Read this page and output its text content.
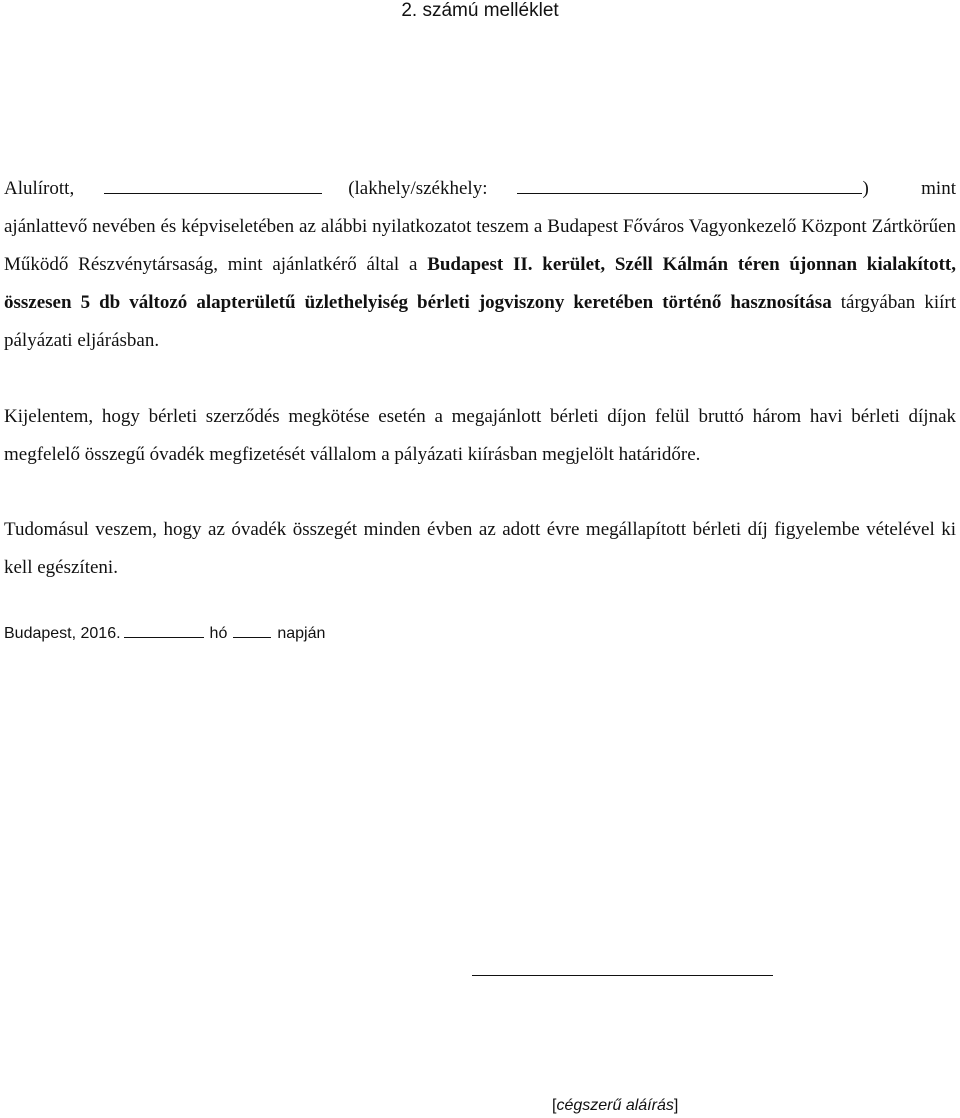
2. számú melléklet
Alulírott,	(lakhely/székhely:	) mint ajánlattevő nevében és képviseletében az alábbi nyilatkozatot teszem a Budapest Főváros Vagyonkezelő Központ Zártkörűen Működő Részvénytársaság, mint ajánlatkérő által a Budapest II. kerület, Széll Kálmán téren újonnan kialakított, összesen 5 db változó alapterületű üzlethelyiség bérleti jogviszony keretében történő hasznosítása tárgyában kiírt pályázati eljárásban.
Kijelentem, hogy bérleti szerződés megkötése esetén a megajánlott bérleti díjon felül bruttó három havi bérleti díjnak megfelelő összegű óvadék megfizetését vállalom a pályázati kiírásban megjelölt határidőre.
Tudomásul veszem, hogy az óvadék összegét minden évben az adott évre megállapított bérleti díj figyelembe vételével ki kell egészíteni.
Budapest, 2016.	hó	napján
[cégszerű aláírás]
